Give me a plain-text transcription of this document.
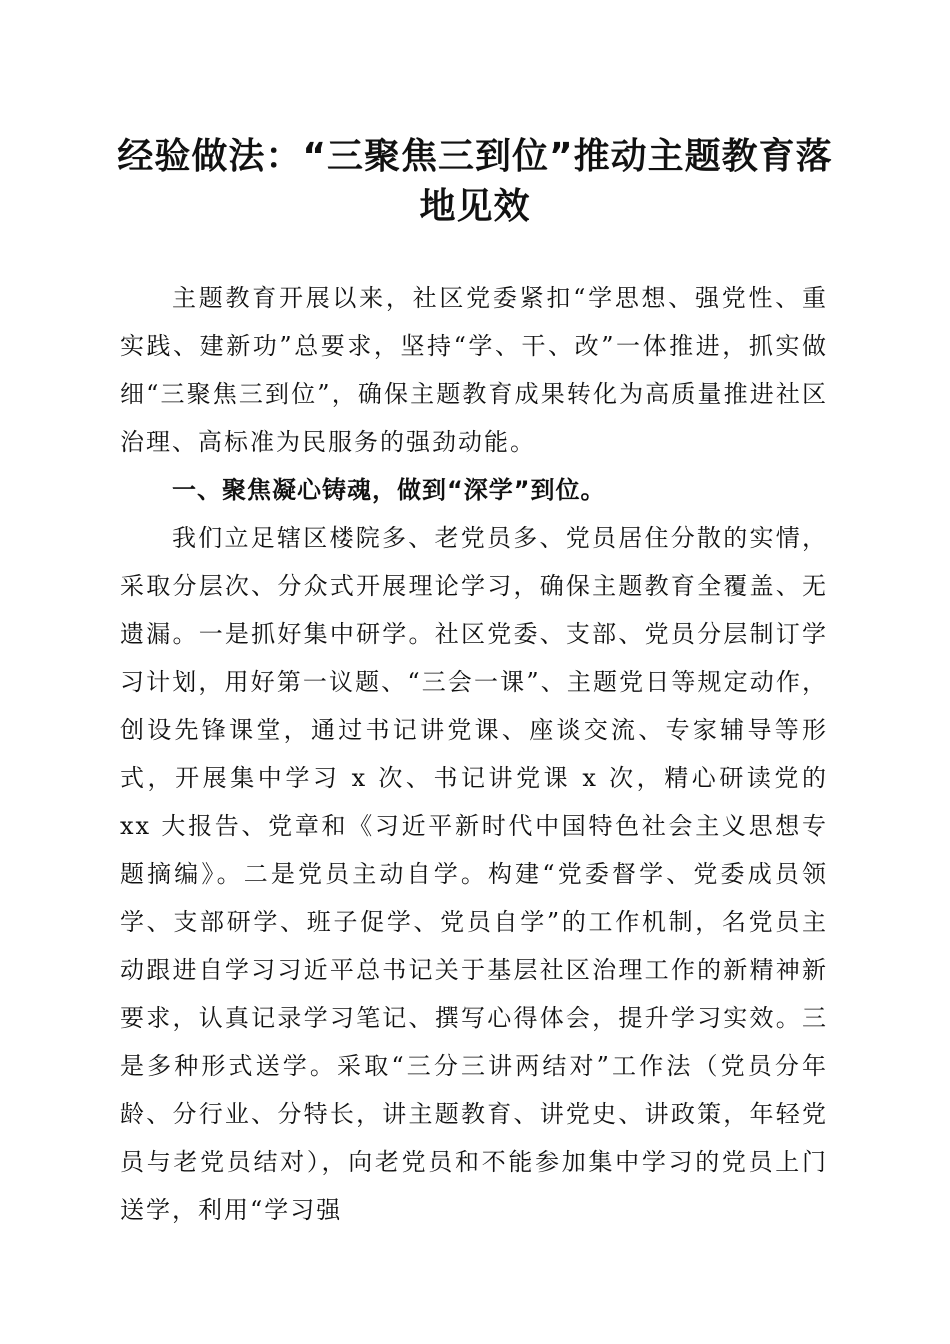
经验做法：“三聚焦三到位”推动主题教育落地见效

主题教育开展以来，社区党委紧扣“学思想、强党性、重实践、建新功”总要求，坚持“学、干、改”一体推进，抓实做细“三聚焦三到位”，确保主题教育成果转化为高质量推进社区治理、高标准为民服务的强劲动能。

一、聚焦凝心铸魂，做到“深学”到位。

我们立足辖区楼院多、老党员多、党员居住分散的实情，采取分层次、分众式开展理论学习，确保主题教育全覆盖、无遗漏。一是抓好集中研学。社区党委、支部、党员分层制订学习计划，用好第一议题、“三会一课”、主题党日等规定动作，创设先锋课堂，通过书记讲党课、座谈交流、专家辅导等形式，开展集中学习 x 次、书记讲党课 x 次，精心研读党的 xx 大报告、党章和《习近平新时代中国特色社会主义思想专题摘编》。二是党员主动自学。构建“党委督学、党委成员领学、支部研学、班子促学、党员自学”的工作机制，名党员主动跟进自学习习近平总书记关于基层社区治理工作的新精神新要求，认真记录学习笔记、撰写心得体会，提升学习实效。三是多种形式送学。采取“三分三讲两结对”工作法（党员分年龄、分行业、分特长，讲主题教育、讲党史、讲政策，年轻党员与老党员结对），向老党员和不能参加集中学习的党员上门送学，利用“学习强
